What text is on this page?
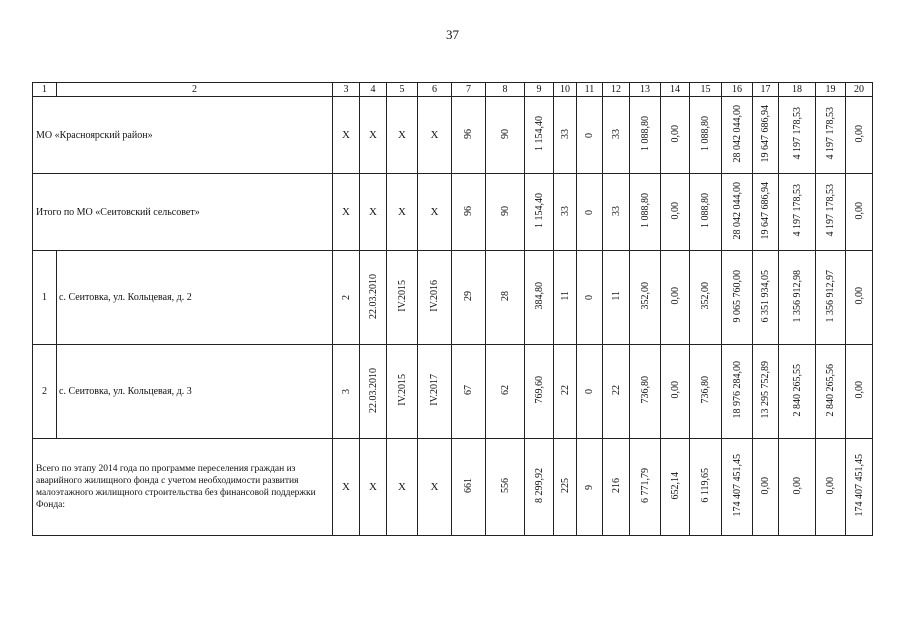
37
1	2	3	4	5	6	7	8	9	10	11	12	13	14	15	16	17	18	19	20
МО «Красноярский район»		Х	Х	Х	Х	96	90	1 154,40	33	0	33	1 088,80	0,00	1 088,80	28 042 044,00	19 647 686,94	4 197 178,53	4 197 178,53	0,00
Итого по МО «Сеитовский сельсовет»		Х	Х	Х	Х	96	90	1 154,40	33	0	33	1 088,80	0,00	1 088,80	28 042 044,00	19 647 686,94	4 197 178,53	4 197 178,53	0,00
1	с. Сеитовка, ул. Кольцевая, д. 2	2	22.03.2010	IV.2015	IV.2016	29	28	384,80	11	0	11	352,00	0,00	352,00	9 065 760,00	6 351 934,05	1 356 912,98	1 356 912,97	0,00
2	с. Сеитовка, ул. Кольцевая, д. 3	3	22.03.2010	IV.2015	IV.2017	67	62	769,60	22	0	22	736,80	0,00	736,80	18 976 284,00	13 295 752,89	2 840 265,55	2 840 265,56	0,00
Всего по этапу 2014 года по программе переселения граждан из аварийного жилищного фонда с учетом необходимости развития малоэтажного жилищного строительства без финансовой поддержки Фонда:		Х	Х	Х	Х	661	556	8 299,92	225	9	216	6 771,79	652,14	6 119,65	174 407 451,45	0,00	0,00	0,00	174 407 451,45
